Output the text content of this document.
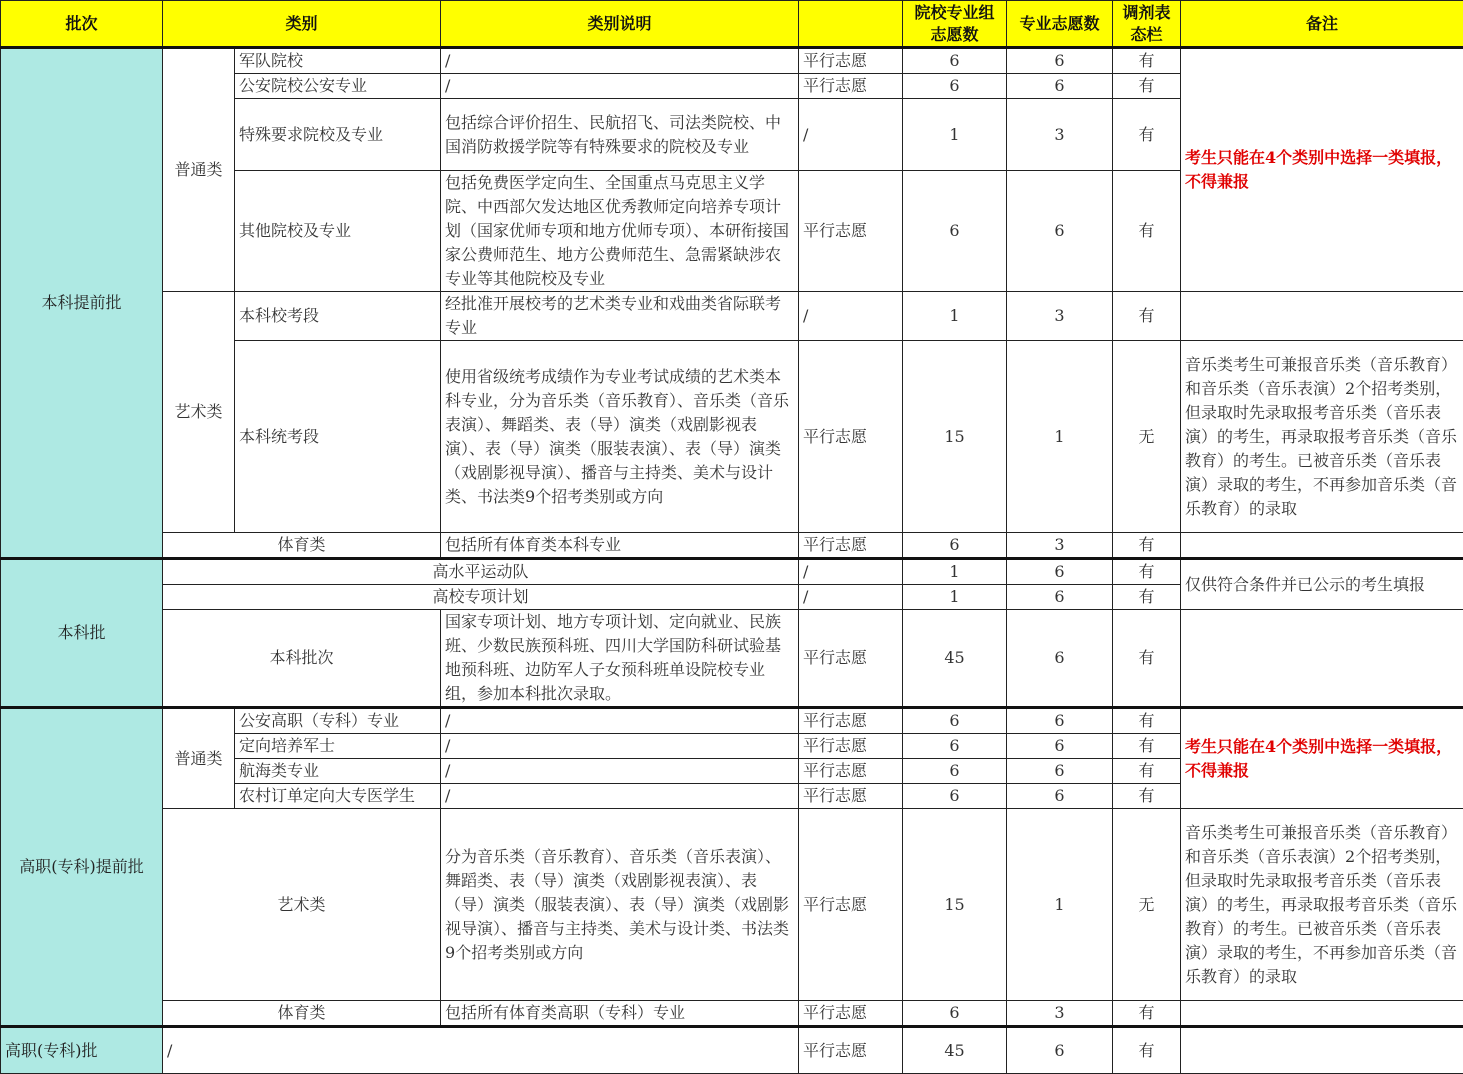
批次	类别		类别说明		院校专业组志愿数	专业志愿数	调剂表态栏	备注
本科提前批	普通类	军队院校	/	平行志愿	6	6	有	考生只能在4个类别中选择一类填报，不得兼报
		公安院校公安专业	/	平行志愿	6	6	有	
		特殊要求院校及专业	包括综合评价招生、民航招飞、司法类院校、中国消防救援学院等有特殊要求的院校及专业	/	1	3	有	
		其他院校及专业	包括免费医学定向生、全国重点马克思主义学院、中西部欠发达地区优秀教师定向培养专项计划（国家优师专项和地方优师专项）、本研衔接国家公费师范生、地方公费师范生、急需紧缺涉农专业等其他院校及专业	平行志愿	6	6	有	
	艺术类	本科校考段	经批准开展校考的艺术类专业和戏曲类省际联考专业	/	1	3	有	
		本科统考段	使用省级统考成绩作为专业考试成绩的艺术类本科专业，分为音乐类（音乐教育）、音乐类（音乐表演）、舞蹈类、表（导）演类（戏剧影视表演）、表（导）演类（服装表演）、表（导）演类（戏剧影视导演）、播音与主持类、美术与设计类、书法类9个招考类别或方向	平行志愿	15	1	无	音乐类考生可兼报音乐类（音乐教育）和音乐类（音乐表演）2个招考类别，但录取时先录取报考音乐类（音乐表演）的考生，再录取报考音乐类（音乐教育）的考生。已被音乐类（音乐表演）录取的考生，不再参加音乐类（音乐教育）的录取
	体育类		包括所有体育类本科专业	平行志愿	6	3	有	
本科批	高水平运动队			/	1	6	有	仅供符合条件并已公示的考生填报
	高校专项计划			/	1	6	有	
	本科批次		国家专项计划、地方专项计划、定向就业、民族班、少数民族预科班、四川大学国防科研试验基地预科班、边防军人子女预科班单设院校专业组，参加本科批次录取。	平行志愿	45	6	有	
高职(专科)提前批	普通类	公安高职（专科）专业	/	平行志愿	6	6	有	考生只能在4个类别中选择一类填报，不得兼报
		定向培养军士	/	平行志愿	6	6	有	
		航海类专业	/	平行志愿	6	6	有	
		农村订单定向大专医学生	/	平行志愿	6	6	有	
	艺术类		分为音乐类（音乐教育）、音乐类（音乐表演）、舞蹈类、表（导）演类（戏剧影视表演）、表（导）演类（服装表演）、表（导）演类（戏剧影视导演）、播音与主持类、美术与设计类、书法类9个招考类别或方向	平行志愿	15	1	无	音乐类考生可兼报音乐类（音乐教育）和音乐类（音乐表演）2个招考类别，但录取时先录取报考音乐类（音乐表演）的考生，再录取报考音乐类（音乐教育）的考生。已被音乐类（音乐表演）录取的考生，不再参加音乐类（音乐教育）的录取
	体育类		包括所有体育类高职（专科）专业	平行志愿	6	3	有	
高职(专科)批	/			平行志愿	45	6	有	
